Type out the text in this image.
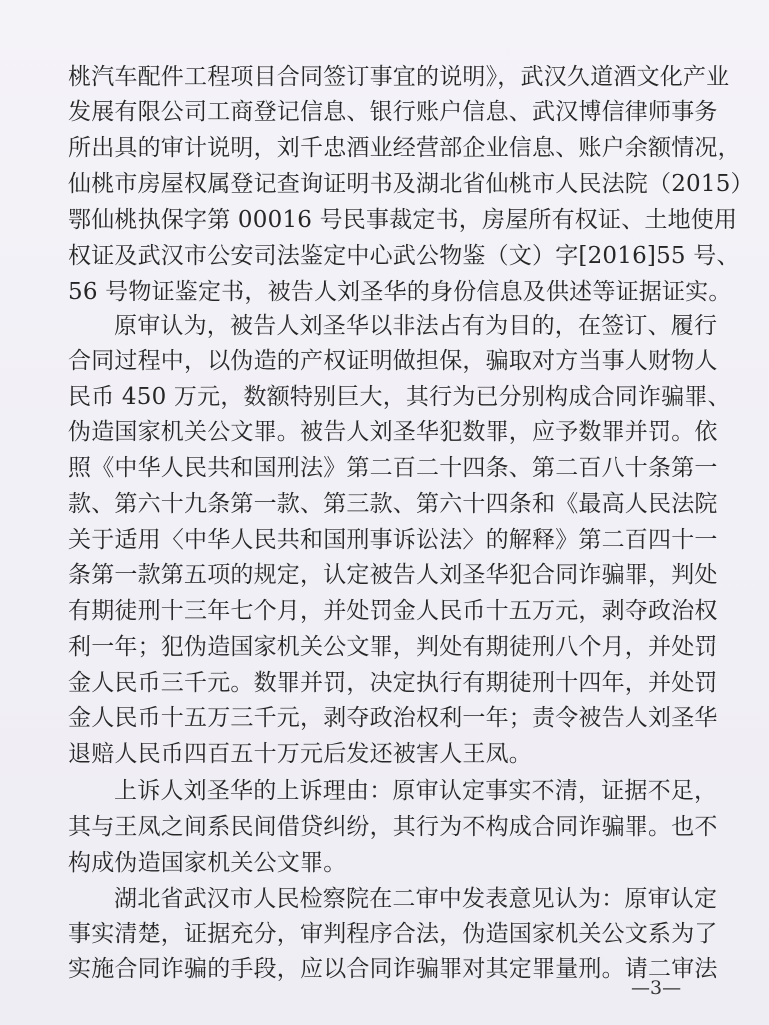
桃汽车配件工程项目合同签订事宜的说明》，武汉久道酒文化产业
发展有限公司工商登记信息、银行账户信息、武汉博信律师事务
所出具的审计说明，刘千忠酒业经营部企业信息、账户余额情况，
仙桃市房屋权属登记查询证明书及湖北省仙桃市人民法院（2015）
鄂仙桃执保字第 00016 号民事裁定书，房屋所有权证、土地使用
权证及武汉市公安司法鉴定中心武公物鉴（文）字[2016]55 号、
56 号物证鉴定书，被告人刘圣华的身份信息及供述等证据证实。
原审认为，被告人刘圣华以非法占有为目的，在签订、履行
合同过程中，以伪造的产权证明做担保，骗取对方当事人财物人
民币 450 万元，数额特别巨大，其行为已分别构成合同诈骗罪、
伪造国家机关公文罪。被告人刘圣华犯数罪，应予数罪并罚。依
照《中华人民共和国刑法》第二百二十四条、第二百八十条第一
款、第六十九条第一款、第三款、第六十四条和《最高人民法院
关于适用〈中华人民共和国刑事诉讼法〉的解释》第二百四十一
条第一款第五项的规定，认定被告人刘圣华犯合同诈骗罪，判处
有期徒刑十三年七个月，并处罚金人民币十五万元，剥夺政治权
利一年；犯伪造国家机关公文罪，判处有期徒刑八个月，并处罚
金人民币三千元。数罪并罚，决定执行有期徒刑十四年，并处罚
金人民币十五万三千元，剥夺政治权利一年；责令被告人刘圣华
退赔人民币四百五十万元后发还被害人王凤。
上诉人刘圣华的上诉理由：原审认定事实不清，证据不足，
其与王凤之间系民间借贷纠纷，其行为不构成合同诈骗罪。也不
构成伪造国家机关公文罪。
湖北省武汉市人民检察院在二审中发表意见认为：原审认定
事实清楚，证据充分，审判程序合法，伪造国家机关公文系为了
实施合同诈骗的手段，应以合同诈骗罪对其定罪量刑。请二审法
—3—
